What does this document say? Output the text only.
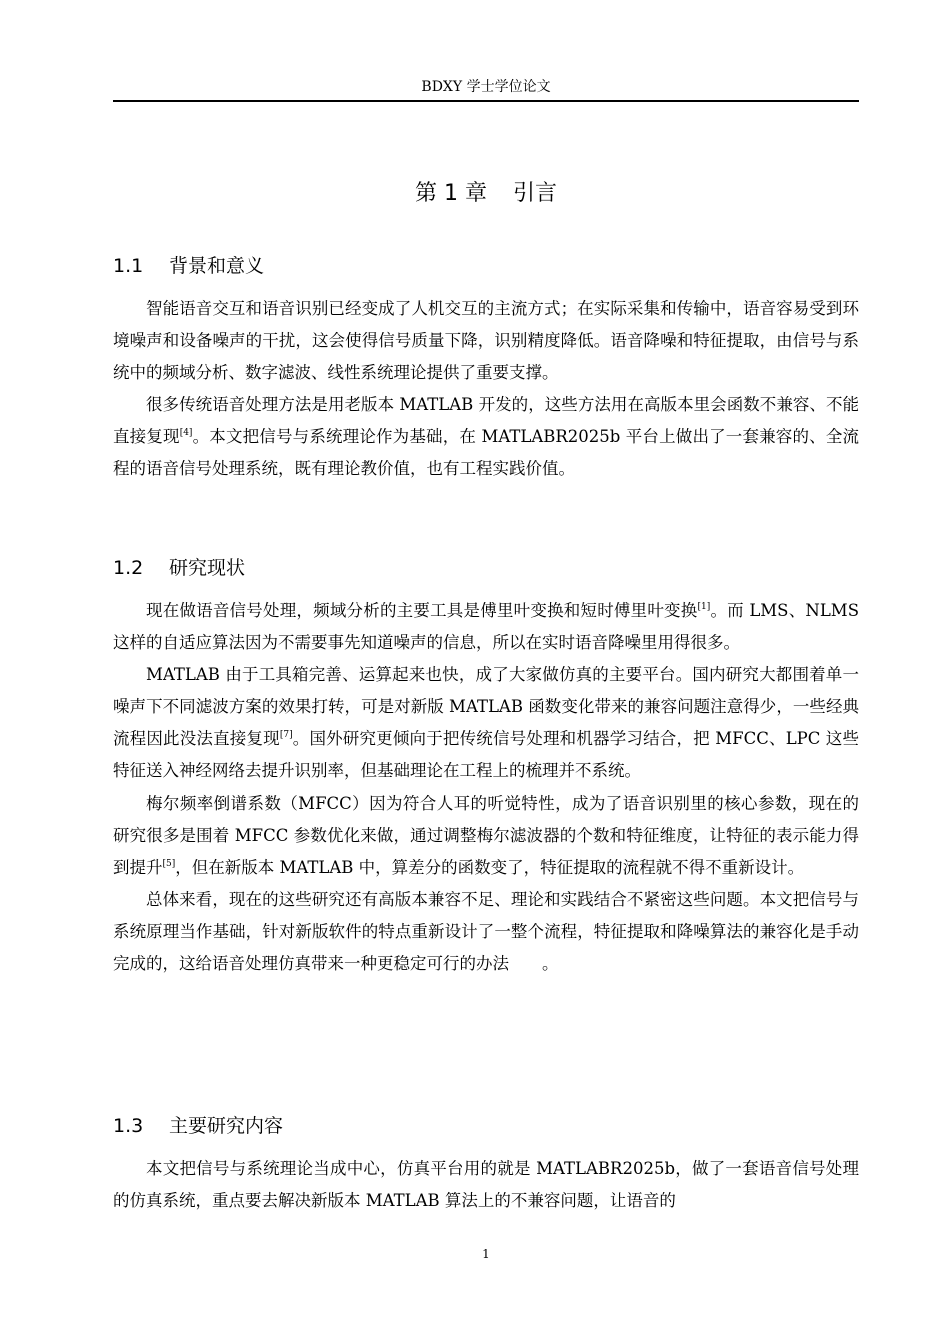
BDXY 学士学位论文
第 1 章 引言
1.1 背景和意义

智能语音交互和语音识别已经变成了人机交互的主流方式；在实际采集和传输中，语音容易受到环境噪声和设备噪声的干扰，这会使得信号质量下降，识别精度降低。语音降噪和特征提取，由信号与系统中的频域分析、数字滤波、线性系统理论提供了重要支撑。

很多传统语音处理方法是用老版本 MATLAB 开发的，这些方法用在高版本里会函数不兼容、不能直接复现[4]。本文把信号与系统理论作为基础，在 MATLABR2025b 平台上做出了一套兼容的、全流程的语音信号处理系统，既有理论教价值，也有工程实践价值。

1.2 研究现状

现在做语音信号处理，频域分析的主要工具是傅里叶变换和短时傅里叶变换[1]。而 LMS、NLMS 这样的自适应算法因为不需要事先知道噪声的信息，所以在实时语音降噪里用得很多。

MATLAB 由于工具箱完善、运算起来也快，成了大家做仿真的主要平台。国内研究大都围着单一噪声下不同滤波方案的效果打转，可是对新版 MATLAB 函数变化带来的兼容问题注意得少，一些经典流程因此没法直接复现[7]。国外研究更倾向于把传统信号处理和机器学习结合，把 MFCC、LPC 这些特征送入神经网络去提升识别率，但基础理论在工程上的梳理并不系统。

梅尔频率倒谱系数（MFCC）因为符合人耳的听觉特性，成为了语音识别里的核心参数，现在的研究很多是围着 MFCC 参数优化来做，通过调整梅尔滤波器的个数和特征维度，让特征的表示能力得到提升[5]，但在新版本 MATLAB 中，算差分的函数变了，特征提取的流程就不得不重新设计。

总体来看，现在的这些研究还有高版本兼容不足、理论和实践结合不紧密这些问题。本文把信号与系统原理当作基础，针对新版软件的特点重新设计了一整个流程，特征提取和降噪算法的兼容化是手动完成的，这给语音处理仿真带来一种更稳定可行的办法　　。

1.3 主要研究内容

本文把信号与系统理论当成中心，仿真平台用的就是 MATLABR2025b，做了一套语音信号处理的仿真系统，重点要去解决新版本 MATLAB 算法上的不兼容问题，让语音的

1
